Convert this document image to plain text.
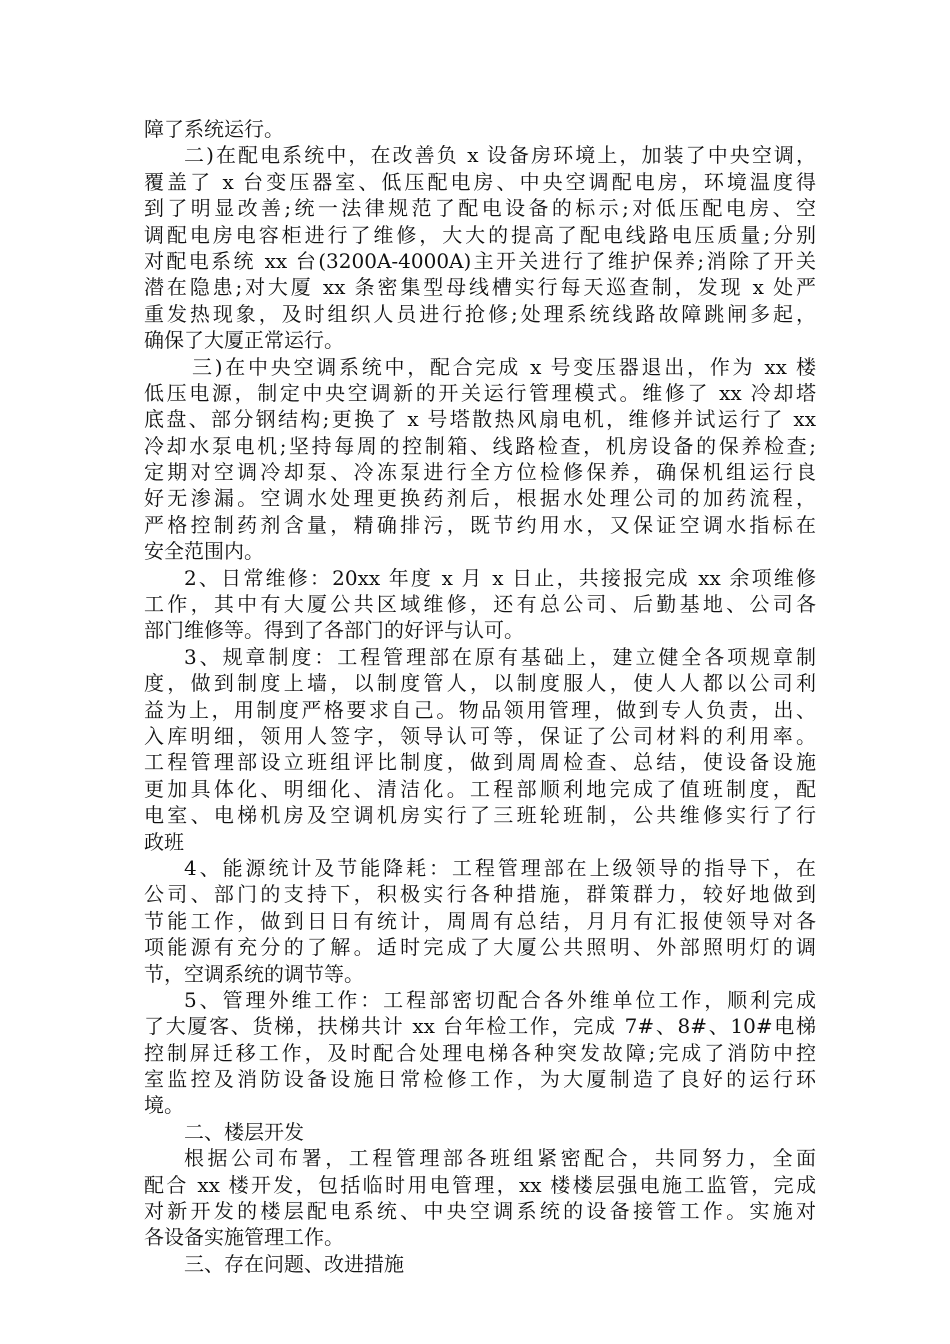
障了系统运行。
二)在配电系统中，在改善负 x 设备房环境上，加装了中央空调，
覆盖了 x 台变压器室、低压配电房、中央空调配电房，环境温度得
到了明显改善;统一法律规范了配电设备的标示;对低压配电房、空
调配电房电容柜进行了维修，大大的提高了配电线路电压质量;分别
对配电系统 xx 台(3200A-4000A)主开关进行了维护保养;消除了开关
潜在隐患;对大厦 xx 条密集型母线槽实行每天巡查制，发现 x 处严
重发热现象，及时组织人员进行抢修;处理系统线路故障跳闸多起，
确保了大厦正常运行。
三)在中央空调系统中，配合完成 x 号变压器退出，作为 xx 楼
低压电源，制定中央空调新的开关运行管理模式。维修了 xx 冷却塔
底盘、部分钢结构;更换了 x 号塔散热风扇电机，维修并试运行了 xx
冷却水泵电机;坚持每周的控制箱、线路检查，机房设备的保养检查;
定期对空调冷却泵、冷冻泵进行全方位检修保养，确保机组运行良
好无渗漏。空调水处理更换药剂后，根据水处理公司的加药流程，
严格控制药剂含量，精确排污，既节约用水，又保证空调水指标在
安全范围内。
2、日常维修：20xx 年度 x 月 x 日止，共接报完成 xx 余项维修
工作，其中有大厦公共区域维修，还有总公司、后勤基地、公司各
部门维修等。得到了各部门的好评与认可。
3、规章制度：工程管理部在原有基础上，建立健全各项规章制
度，做到制度上墙，以制度管人，以制度服人，使人人都以公司利
益为上，用制度严格要求自己。物品领用管理，做到专人负责，出、
入库明细，领用人签字，领导认可等，保证了公司材料的利用率。
工程管理部设立班组评比制度，做到周周检查、总结，使设备设施
更加具体化、明细化、清洁化。工程部顺利地完成了值班制度，配
电室、电梯机房及空调机房实行了三班轮班制，公共维修实行了行
政班
4、能源统计及节能降耗：工程管理部在上级领导的指导下，在
公司、部门的支持下，积极实行各种措施，群策群力，较好地做到
节能工作，做到日日有统计，周周有总结，月月有汇报使领导对各
项能源有充分的了解。适时完成了大厦公共照明、外部照明灯的调
节，空调系统的调节等。
5、管理外维工作：工程部密切配合各外维单位工作，顺利完成
了大厦客、货梯，扶梯共计 xx 台年检工作，完成 7#、8#、10#电梯
控制屏迁移工作，及时配合处理电梯各种突发故障;完成了消防中控
室监控及消防设备设施日常检修工作，为大厦制造了良好的运行环
境。
二、楼层开发
根据公司布署，工程管理部各班组紧密配合，共同努力，全面
配合 xx 楼开发，包括临时用电管理，xx 楼楼层强电施工监管，完成
对新开发的楼层配电系统、中央空调系统的设备接管工作。实施对
各设备实施管理工作。
三、存在问题、改进措施
